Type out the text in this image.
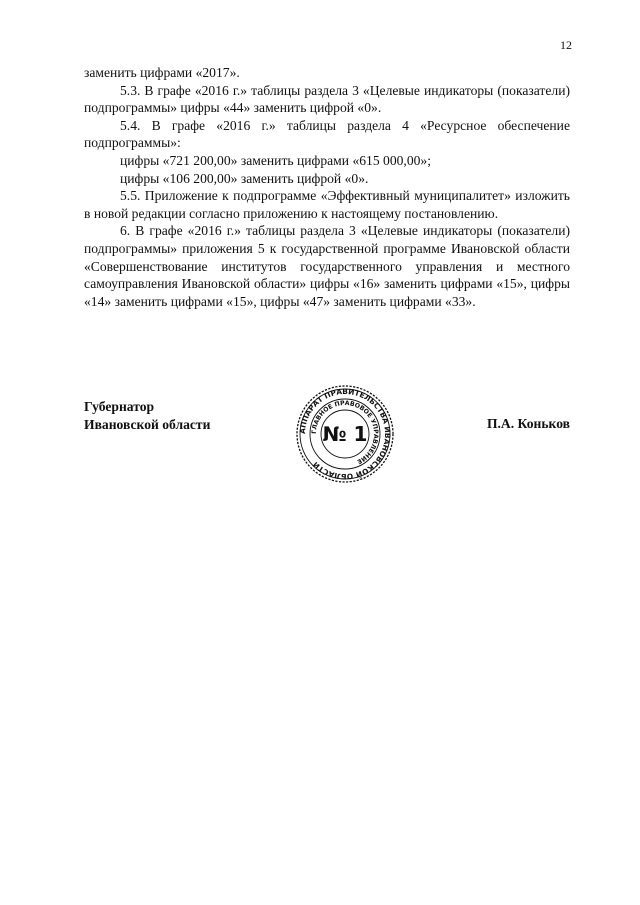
12

заменить цифрами «2017».

5.3. В графе «2016 г.» таблицы раздела 3 «Целевые индикаторы (показатели) подпрограммы» цифры «44» заменить цифрой «0».

5.4. В графе «2016 г.» таблицы раздела 4 «Ресурсное обеспечение подпрограммы»:

цифры «721 200,00» заменить цифрами «615 000,00»;

цифры «106 200,00» заменить цифрой «0».

5.5. Приложение к подпрограмме «Эффективный муниципалитет» изложить в новой редакции согласно приложению к настоящему постановлению.

6. В графе «2016 г.» таблицы раздела 3 «Целевые индикаторы (показатели) подпрограммы» приложения 5 к государственной программе Ивановской области «Совершенствование институтов государственного управления и местного самоуправления Ивановской области» цифры «16» заменить цифрами «15», цифры «14» заменить цифрами «15», цифры «47» заменить цифрами «33».

Губернатор
Ивановской области	АППАРАТ ПРАВИТЕЛЬСТВА ИВАНОВСКОЙ ОБЛАСТИ
ГЛАВНОЕ ПРАВОВОЕ УПРАВЛЕНИЕ
№ 1	П.А. Коньков
